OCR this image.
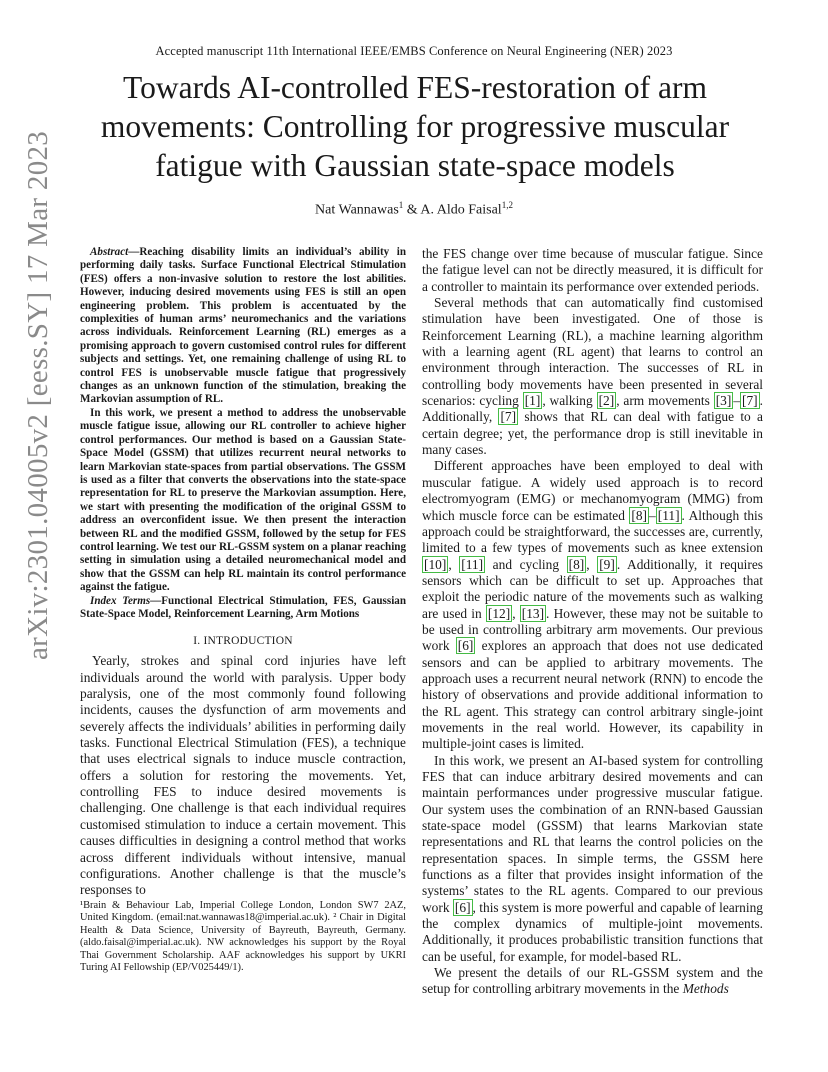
Accepted manuscript 11th International IEEE/EMBS Conference on Neural Engineering (NER) 2023
Towards AI-controlled FES-restoration of arm movements: Controlling for progressive muscular fatigue with Gaussian state-space models
Nat Wannawas$^1$ & A. Aldo Faisal$^{1,2}$
arXiv:2301.04005v2 [eess.SY] 17 Mar 2023	Abstract—Reaching disability limits an individual’s ability in performing daily tasks. Surface Functional Electrical Stimulation (FES) offers a non-invasive solution to restore the lost abilities. However, inducing desired movements using FES is still an open engineering problem. This problem is accentuated by the complexities of human arms’ neuromechanics and the variations across individuals. Reinforcement Learning (RL) emerges as a promising approach to govern customised control rules for different subjects and settings. Yet, one remaining challenge of using RL to control FES is unobservable muscle fatigue that progressively changes as an unknown function of the stimulation, breaking the Markovian assumption of RL.

In this work, we present a method to address the unobservable muscle fatigue issue, allowing our RL controller to achieve higher control performances. Our method is based on a Gaussian State-Space Model (GSSM) that utilizes recurrent neural networks to learn Markovian state-spaces from partial observations. The GSSM is used as a filter that converts the observations into the state-space representation for RL to preserve the Markovian assumption. Here, we start with presenting the modification of the original GSSM to address an overconfident issue. We then present the interaction between RL and the modified GSSM, followed by the setup for FES control learning. We test our RL-GSSM system on a planar reaching setting in simulation using a detailed neuromechanical model and show that the GSSM can help RL maintain its control performance against the fatigue.

Index Terms—Functional Electrical Stimulation, FES, Gaussian State-Space Model, Reinforcement Learning, Arm Motions

I. INTRODUCTION

Yearly, strokes and spinal cord injuries have left individuals around the world with paralysis. Upper body paralysis, one of the most commonly found following incidents, causes the dysfunction of arm movements and severely affects the individuals’ abilities in performing daily tasks. Functional Electrical Stimulation (FES), a technique that uses electrical signals to induce muscle contraction, offers a solution for restoring the movements. Yet, controlling FES to induce desired movements is challenging. One challenge is that each individual requires customised stimulation to induce a certain movement. This causes difficulties in designing a control method that works across different individuals without intensive, manual configurations. Another challenge is that the muscle’s responses to

¹Brain & Behaviour Lab, Imperial College London, London SW7 2AZ, United Kingdom. (email:nat.wannawas18@imperial.ac.uk). ² Chair in Digital Health & Data Science, University of Bayreuth, Bayreuth, Germany. (aldo.faisal@imperial.ac.uk). NW acknowledges his support by the Royal Thai Government Scholarship. AAF acknowledges his support by UKRI Turing AI Fellowship (EP/V025449/1).

the FES change over time because of muscular fatigue. Since the fatigue level can not be directly measured, it is difficult for a controller to maintain its performance over extended periods.

Several methods that can automatically find customised stimulation have been investigated. One of those is Reinforcement Learning (RL), a machine learning algorithm with a learning agent (RL agent) that learns to control an environment through interaction. The successes of RL in controlling body movements have been presented in several scenarios: cycling [1] , walking [2] , arm movements [3] – [7] . Additionally, [7] shows that RL can deal with fatigue to a certain degree; yet, the performance drop is still inevitable in many cases.

Different approaches have been employed to deal with muscular fatigue. A widely used approach is to record electromyogram (EMG) or mechanomyogram (MMG) from which muscle force can be estimated [8] – [11] . Although this approach could be straightforward, the successes are, currently, limited to a few types of movements such as knee extension [10] , [11] and cycling [8] , [9] . Additionally, it requires sensors which can be difficult to set up. Approaches that exploit the periodic nature of the movements such as walking are used in [12] , [13] . However, these may not be suitable to be used in controlling arbitrary arm movements. Our previous work [6] explores an approach that does not use dedicated sensors and can be applied to arbitrary movements. The approach uses a recurrent neural network (RNN) to encode the history of observations and provide additional information to the RL agent. This strategy can control arbitrary single-joint movements in the real world. However, its capability in multiple-joint cases is limited.

In this work, we present an AI-based system for controlling FES that can induce arbitrary desired movements and can maintain performances under progressive muscular fatigue. Our system uses the combination of an RNN-based Gaussian state-space model (GSSM) that learns Markovian state representations and RL that learns the control policies on the representation spaces. In simple terms, the GSSM here functions as a filter that provides insight information of the systems’ states to the RL agents. Compared to our previous work [6] , this system is more powerful and capable of learning the complex dynamics of multiple-joint movements. Additionally, it produces probabilistic transition functions that can be useful, for example, for model-based RL.

We present the details of our RL-GSSM system and the setup for controlling arbitrary movements in the Methods
